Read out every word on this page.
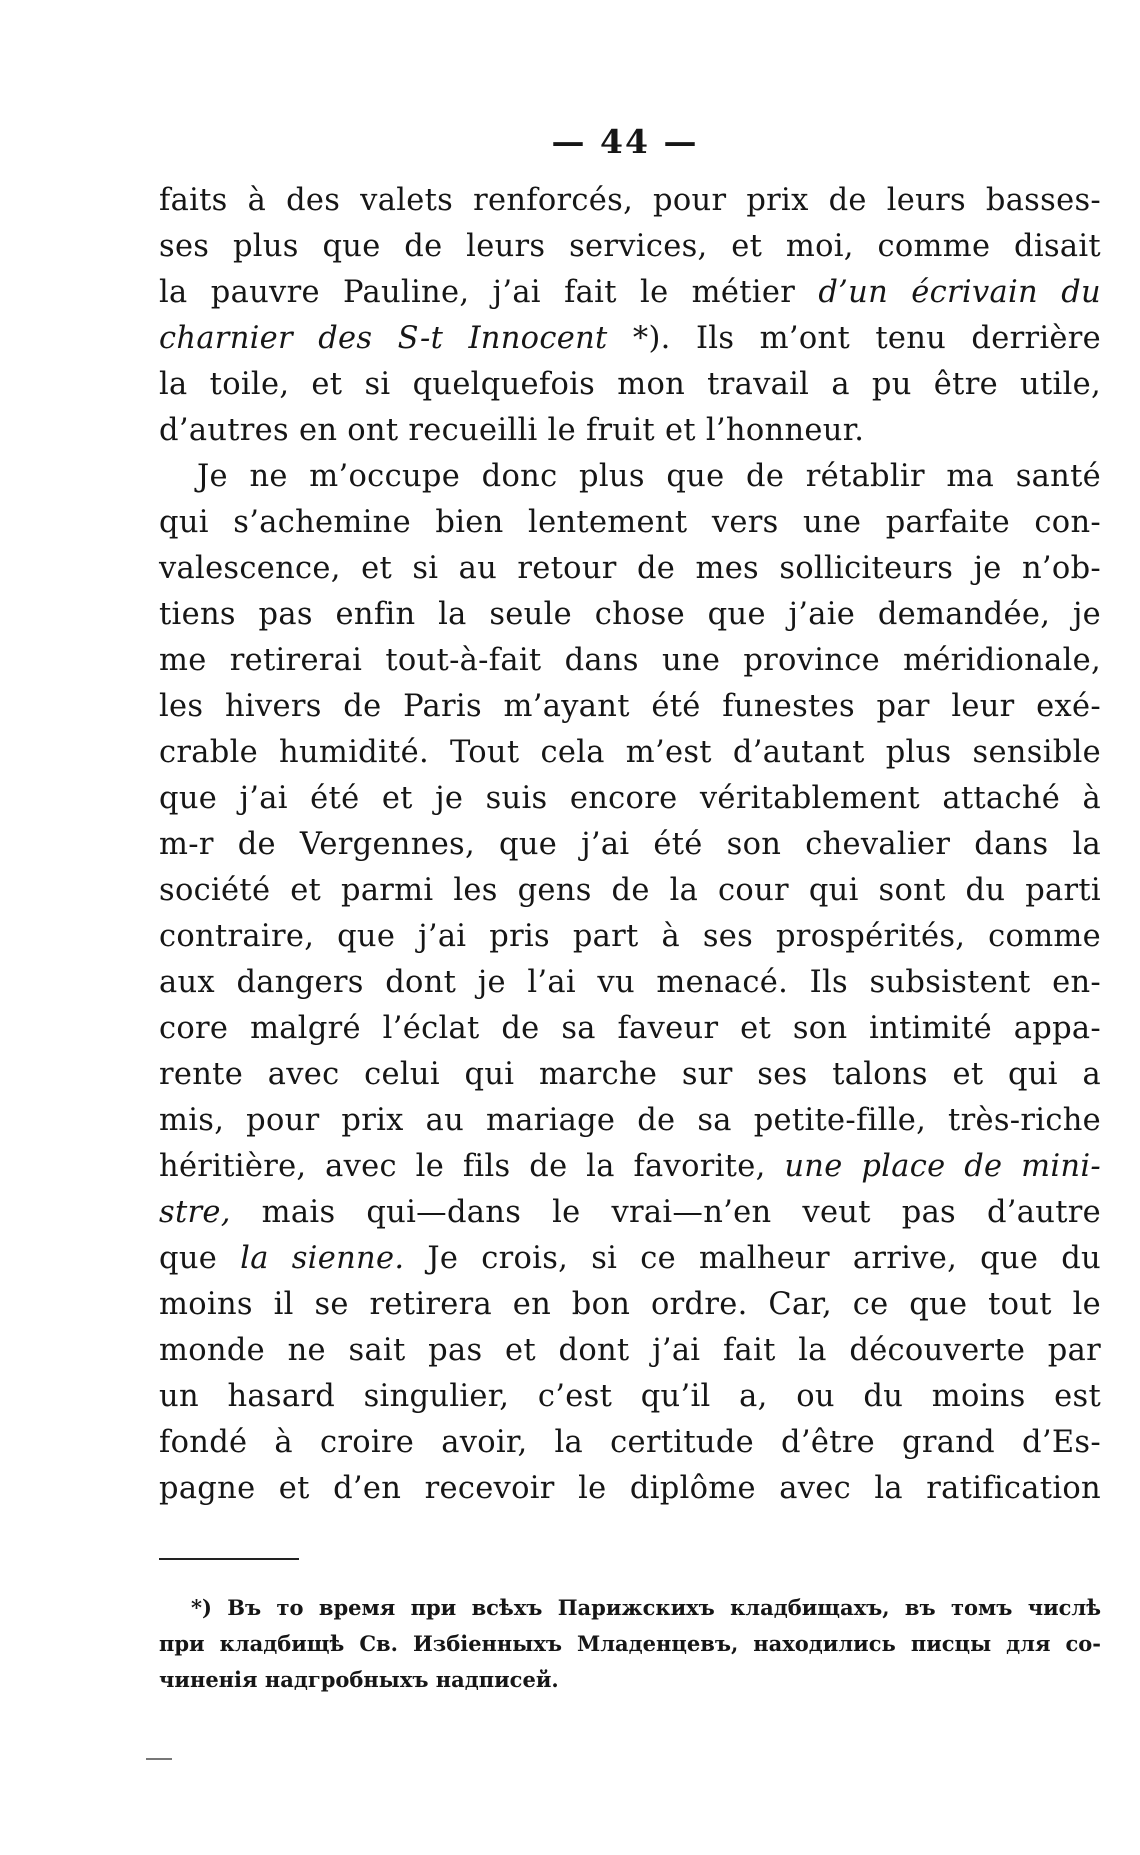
— 44 —
faits à des valets renforcés, pour prix de leurs basses-
ses plus que de leurs services, et moi, comme disait
la pauvre Pauline, j’ai fait le métier d’un écrivain du
charnier des S-t Innocent *). Ils m’ont tenu derrière
la toile, et si quelquefois mon travail a pu être utile,
d’autres en ont recueilli le fruit et l’honneur.
Je ne m’occupe donc plus que de rétablir ma santé
qui s’achemine bien lentement vers une parfaite con-
valescence, et si au retour de mes solliciteurs je n’ob-
tiens pas enfin la seule chose que j’aie demandée, je
me retirerai tout-à-fait dans une province méridionale,
les hivers de Paris m’ayant été funestes par leur exé-
crable humidité. Tout cela m’est d’autant plus sensible
que j’ai été et je suis encore véritablement attaché à
m-r de Vergennes, que j’ai été son chevalier dans la
société et parmi les gens de la cour qui sont du parti
contraire, que j’ai pris part à ses prospérités, comme
aux dangers dont je l’ai vu menacé. Ils subsistent en-
core malgré l’éclat de sa faveur et son intimité appa-
rente avec celui qui marche sur ses talons et qui a
mis, pour prix au mariage de sa petite-fille, très-riche
héritière, avec le fils de la favorite, une place de mini-
stre, mais qui—dans le vrai—n’en veut pas d’autre
que la sienne. Je crois, si ce malheur arrive, que du
moins il se retirera en bon ordre. Car, ce que tout le
monde ne sait pas et dont j’ai fait la découverte par
un hasard singulier, c’est qu’il a, ou du moins est
fondé à croire avoir, la certitude d’être grand d’Es-
pagne et d’en recevoir le diplôme avec la ratification
*) Въ то время при всѣхъ Парижскихъ кладбищахъ, въ томъ числѣ
при кладбищѣ Св. Избіенныхъ Младенцевъ, находились писцы для со-
чиненія надгробныхъ надписей.
